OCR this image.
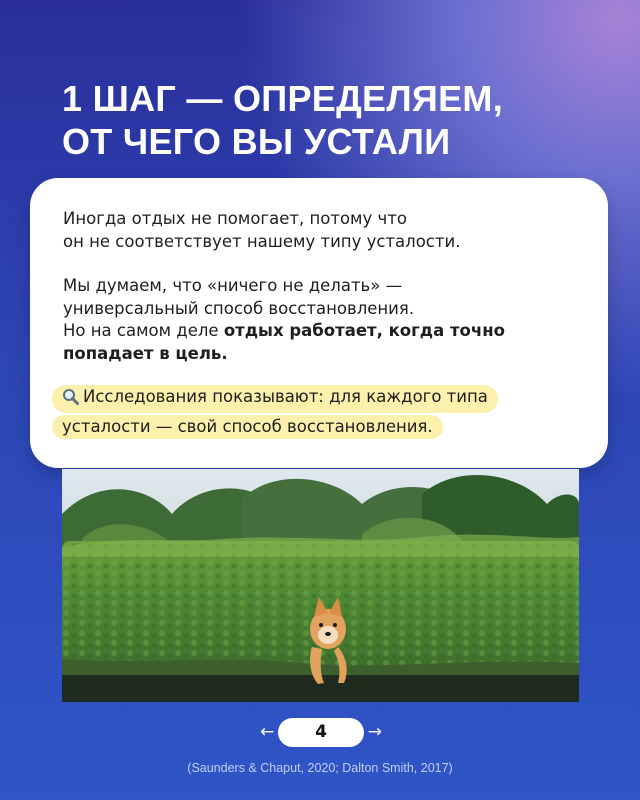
1 ШАГ — ОПРЕДЕЛЯЕМ,
ОТ ЧЕГО ВЫ УСТАЛИ
Иногда отдых не помогает, потому что
он не соответствует нашему типу усталости.
Мы думаем, что «ничего не делать» —
универсальный способ восстановления.
Но на самом деле отдых работает, когда точно
попадает в цель.
Исследования показывают: для каждого типа
усталости — свой способ восстановления.
←	4	→
(Saunders & Chaput, 2020; Dalton Smith, 2017)
